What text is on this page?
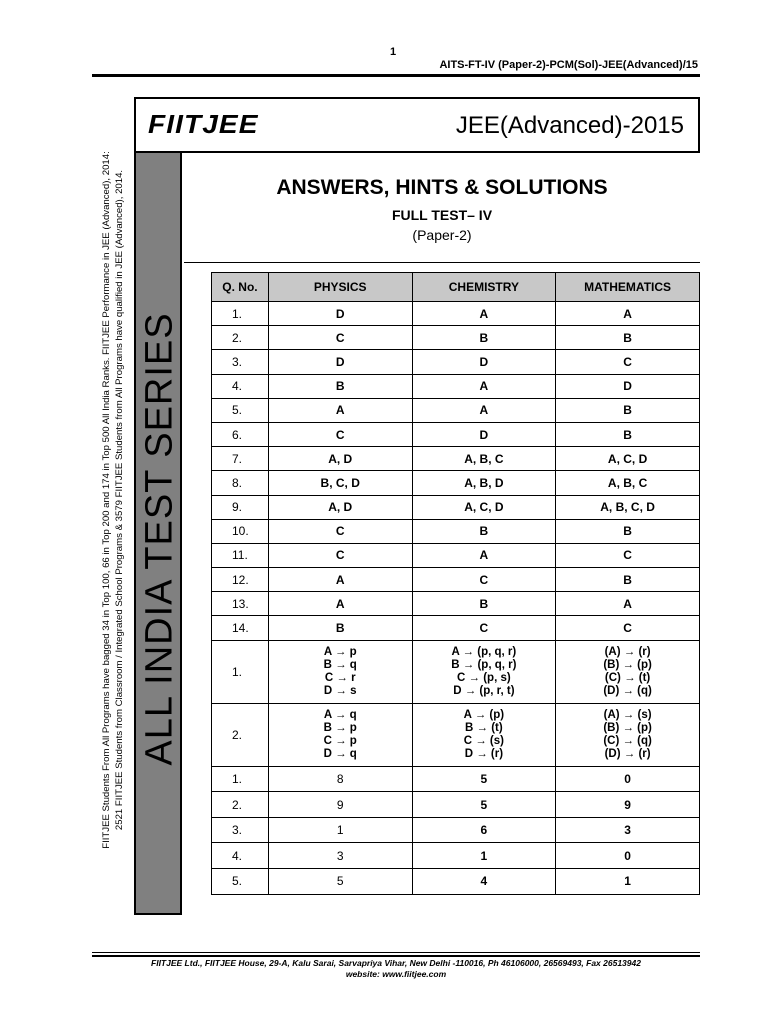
1
AITS-FT-IV (Paper-2)-PCM(Sol)-JEE(Advanced)/15
FIITJEE Students From All Programs have bagged 34 in Top 100, 66 in Top 200 and 174 in Top 500 All India Ranks. FIITJEE Performance in JEE (Advanced), 2014: 2521 FIITJEE Students from Classroom / Integrated School Programs & 3579 FIITJEE Students from All Programs have qualified in JEE (Advanced), 2014.
FIITJEE	JEE(Advanced)-2015
ALL INDIA TEST SERIES
ANSWERS, HINTS & SOLUTIONS
FULL TEST– IV
(Paper-2)
Q. No.	PHYSICS	CHEMISTRY	MATHEMATICS
1.	D	A	A
2.	C	B	B
3.	D	D	C
4.	B	A	D
5.	A	A	B
6.	C	D	B
7.	A, D	A, B, C	A, C, D
8.	B, C, D	A, B, D	A, B, C
9.	A, D	A, C, D	A, B, C, D
10.	C	B	B
11.	C	A	C
12.	A	C	B
13.	A	B	A
14.	B	C	C
1.	A → p
B → q
C → r
D → s	A → (p, q, r)
B → (p, q, r)
C → (p, s)
D → (p, r, t)	(A) → (r)
(B) → (p)
(C) → (t)
(D) → (q)

2.	A → q
B → p
C → p
D → q	A → (p)
B → (t)
C → (s)
D → (r)	(A) → (s)
(B) → (p)
(C) → (q)
(D) → (r)

1.	8	5	0
2.	9	5	9
3.	1	6	3
4.	3	1	0
5.	5	4	1
FIITJEE Ltd., FIITJEE House, 29-A, Kalu Sarai, Sarvapriya Vihar, New Delhi -110016, Ph 46106000, 26569493, Fax 26513942
website: www.fiitjee.com
